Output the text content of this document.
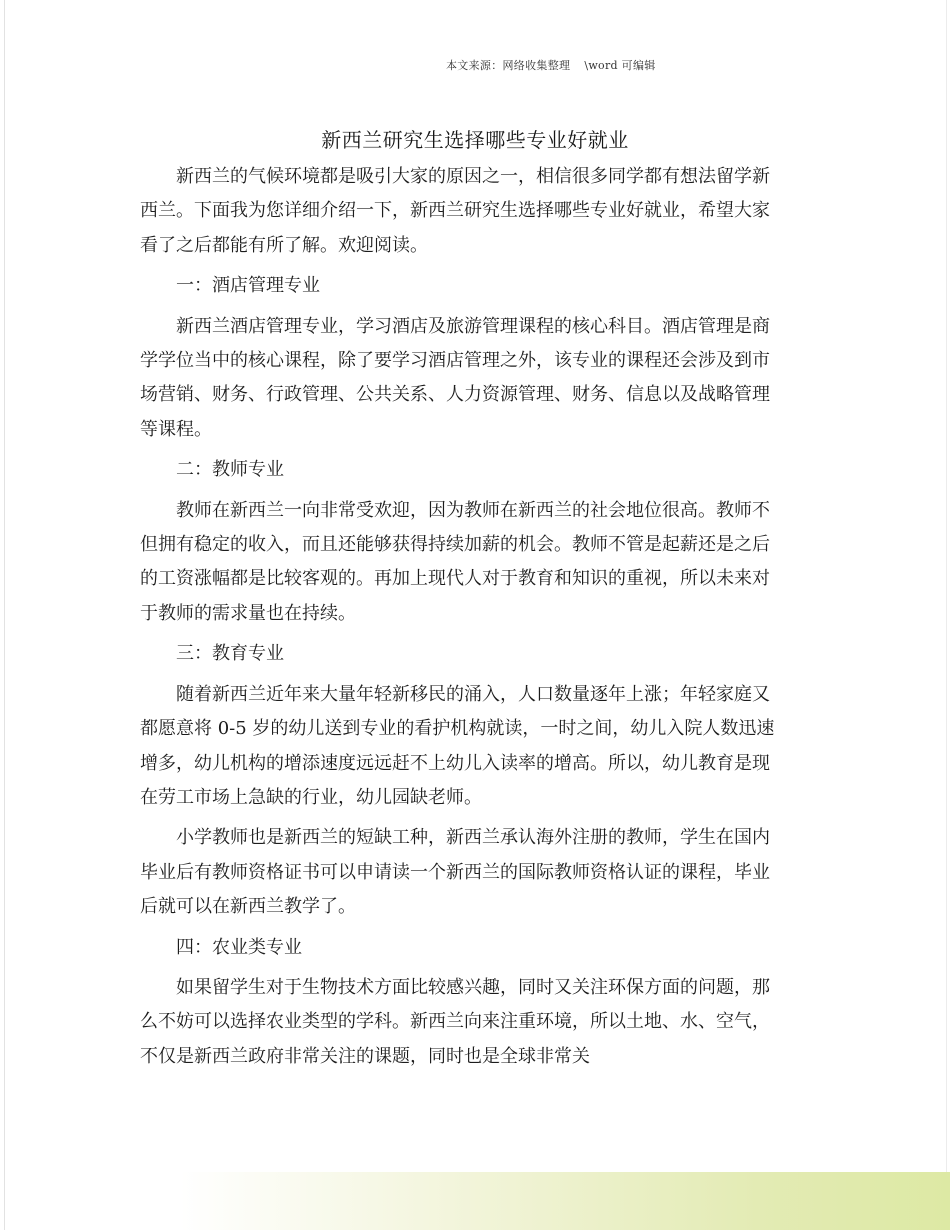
本文来源：网络收集整理 \word 可编辑
新西兰研究生选择哪些专业好就业

新西兰的气候环境都是吸引大家的原因之一，相信很多同学都有想法留学新西兰。下面我为您详细介绍一下，新西兰研究生选择哪些专业好就业，希望大家看了之后都能有所了解。欢迎阅读。

一：酒店管理专业

新西兰酒店管理专业，学习酒店及旅游管理课程的核心科目。酒店管理是商学学位当中的核心课程，除了要学习酒店管理之外，该专业的课程还会涉及到市场营销、财务、行政管理、公共关系、人力资源管理、财务、信息以及战略管理等课程。

二：教师专业

教师在新西兰一向非常受欢迎，因为教师在新西兰的社会地位很高。教师不但拥有稳定的收入，而且还能够获得持续加薪的机会。教师不管是起薪还是之后的工资涨幅都是比较客观的。再加上现代人对于教育和知识的重视，所以未来对于教师的需求量也在持续。

三：教育专业

随着新西兰近年来大量年轻新移民的涌入，人口数量逐年上涨；年轻家庭又都愿意将 0-5 岁的幼儿送到专业的看护机构就读，一时之间，幼儿入院人数迅速增多，幼儿机构的增添速度远远赶不上幼儿入读率的增高。所以，幼儿教育是现在劳工市场上急缺的行业，幼儿园缺老师。

小学教师也是新西兰的短缺工种，新西兰承认海外注册的教师，学生在国内毕业后有教师资格证书可以申请读一个新西兰的国际教师资格认证的课程，毕业后就可以在新西兰教学了。

四：农业类专业

如果留学生对于生物技术方面比较感兴趣，同时又关注环保方面的问题，那么不妨可以选择农业类型的学科。新西兰向来注重环境，所以土地、水、空气，不仅是新西兰政府非常关注的课题，同时也是全球非常关
